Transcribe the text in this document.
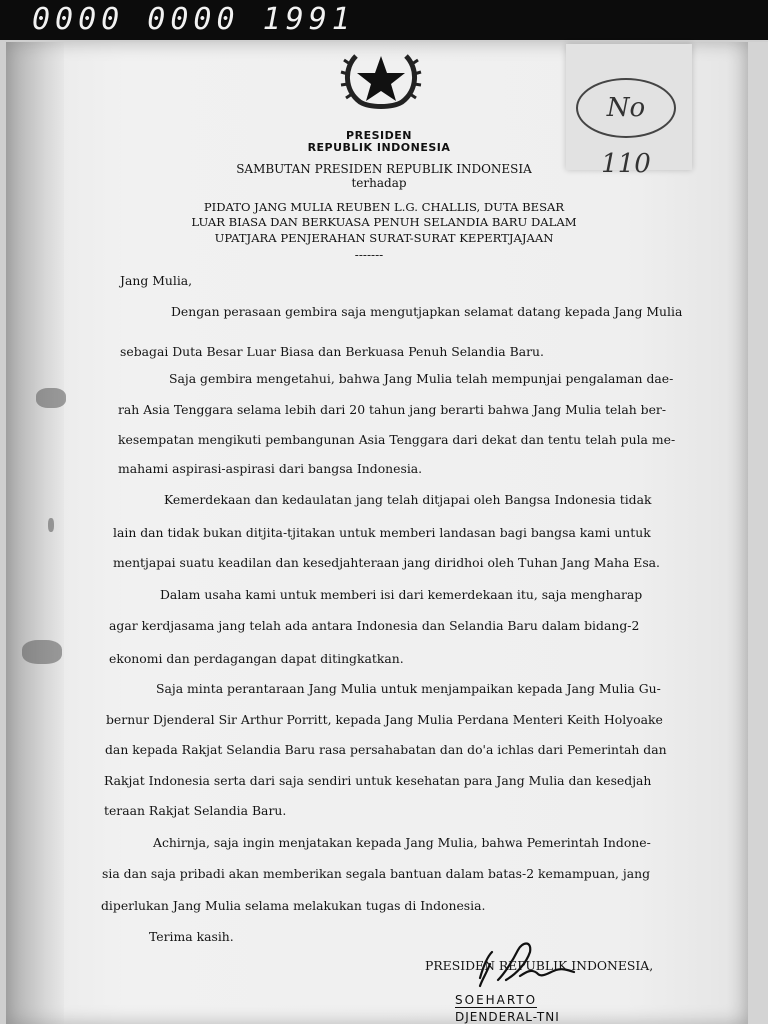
0000 0000 1991
No 110
PRESIDEN
REPUBLIK INDONESIA
SAMBUTAN PRESIDEN REPUBLIK INDONESIA
terhadap
PIDATO JANG MULIA REUBEN L.G. CHALLIS, DUTA BESAR
LUAR BIASA DAN BERKUASA PENUH SELANDIA BARU DALAM
UPATJARA PENJERAHAN SURAT-SURAT KEPERTJAJAAN
-------
Jang Mulia,
Dengan perasaan gembira saja mengutjapkan selamat datang kepada Jang Mulia
sebagai Duta Besar Luar Biasa dan Berkuasa Penuh Selandia Baru.
Saja gembira mengetahui, bahwa Jang Mulia telah mempunjai pengalaman dae-
rah Asia Tenggara selama lebih dari 20 tahun jang berarti bahwa Jang Mulia telah ber-
kesempatan mengikuti pembangunan Asia Tenggara dari dekat dan tentu telah pula me-
mahami aspirasi-aspirasi dari bangsa Indonesia.
Kemerdekaan dan kedaulatan jang telah ditjapai oleh Bangsa Indonesia tidak
lain dan tidak bukan ditjita-tjitakan untuk memberi landasan bagi bangsa kami untuk
mentjapai suatu keadilan dan kesedjahteraan jang diridhoi oleh Tuhan Jang Maha Esa.
Dalam usaha kami untuk memberi isi dari kemerdekaan itu, saja mengharap
agar kerdjasama jang telah ada antara Indonesia dan Selandia Baru dalam bidang-2
ekonomi dan perdagangan dapat ditingkatkan.
Saja minta perantaraan Jang Mulia untuk menjampaikan kepada Jang Mulia Gu-
bernur Djenderal Sir Arthur Porritt, kepada Jang Mulia Perdana Menteri Keith Holyoake
dan kepada Rakjat Selandia Baru rasa persahabatan dan do'a ichlas dari Pemerintah dan
Rakjat Indonesia serta dari saja sendiri untuk kesehatan para Jang Mulia dan kesedjah
teraan Rakjat Selandia Baru.
Achirnja, saja ingin menjatakan kepada Jang Mulia, bahwa Pemerintah Indone-
sia dan saja pribadi akan memberikan segala bantuan dalam batas-2 kemampuan, jang
diperlukan Jang Mulia selama melakukan tugas di Indonesia.
Terima kasih.
PRESIDEN REPUBLIK INDONESIA,
SOEHARTO
DJENDERAL-TNI
